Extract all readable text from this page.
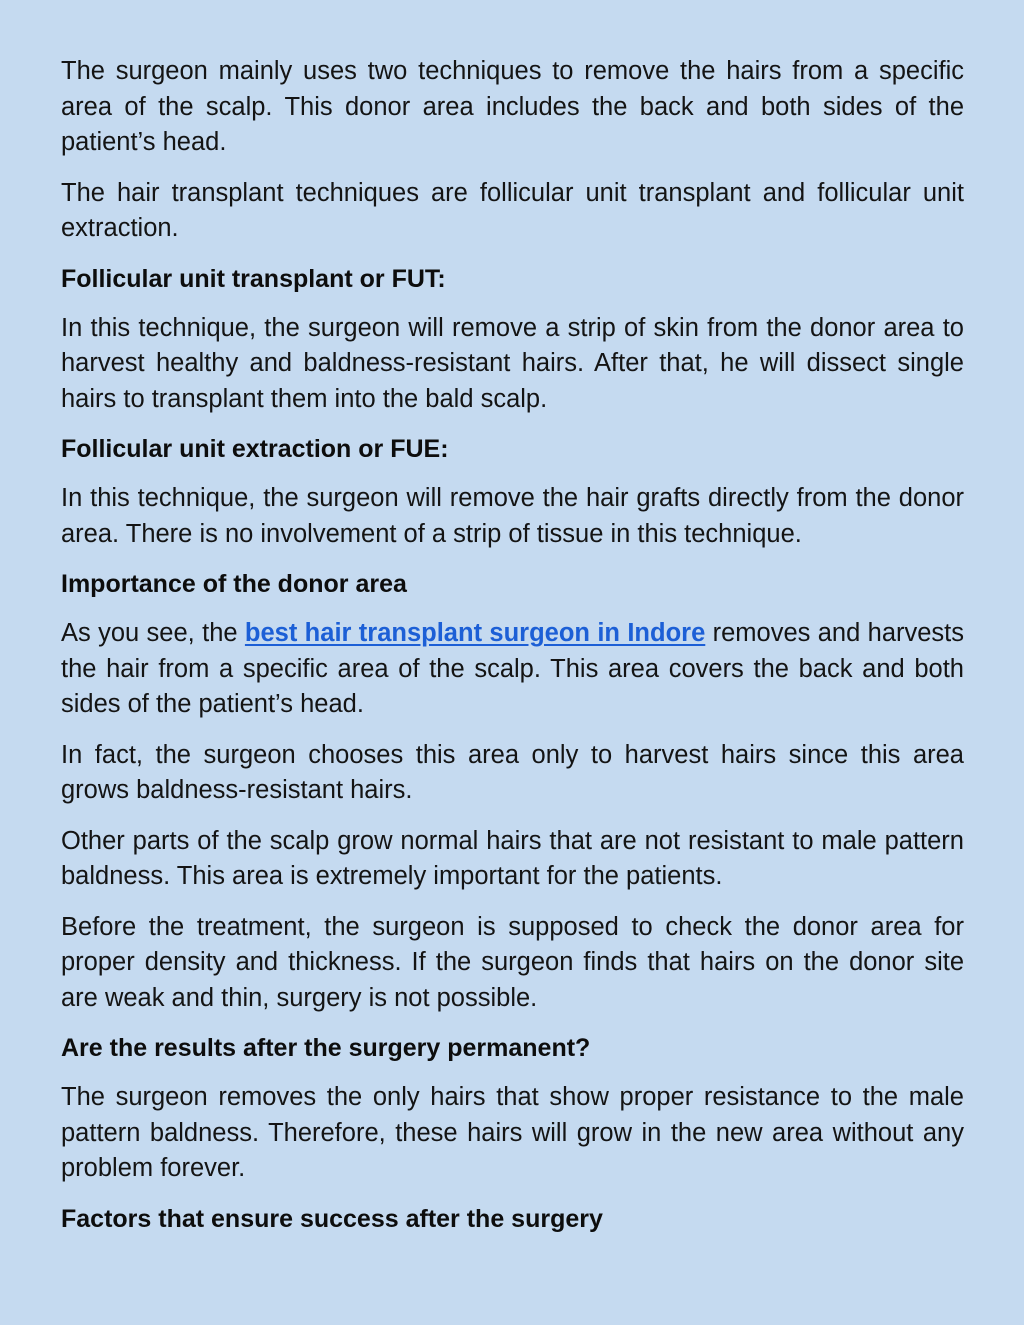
The surgeon mainly uses two techniques to remove the hairs from a specific area of the scalp. This donor area includes the back and both sides of the patient’s head.

The hair transplant techniques are follicular unit transplant and follicular unit extraction.

Follicular unit transplant or FUT:

In this technique, the surgeon will remove a strip of skin from the donor area to harvest healthy and baldness-resistant hairs. After that, he will dissect single hairs to transplant them into the bald scalp.

Follicular unit extraction or FUE:

In this technique, the surgeon will remove the hair grafts directly from the donor area. There is no involvement of a strip of tissue in this technique.

Importance of the donor area

As you see, the best hair transplant surgeon in Indore removes and harvests the hair from a specific area of the scalp. This area covers the back and both sides of the patient’s head.

In fact, the surgeon chooses this area only to harvest hairs since this area grows baldness-resistant hairs.

Other parts of the scalp grow normal hairs that are not resistant to male pattern baldness. This area is extremely important for the patients.

Before the treatment, the surgeon is supposed to check the donor area for proper density and thickness. If the surgeon finds that hairs on the donor site are weak and thin, surgery is not possible.

Are the results after the surgery permanent?

The surgeon removes the only hairs that show proper resistance to the male pattern baldness. Therefore, these hairs will grow in the new area without any problem forever.

Factors that ensure success after the surgery
